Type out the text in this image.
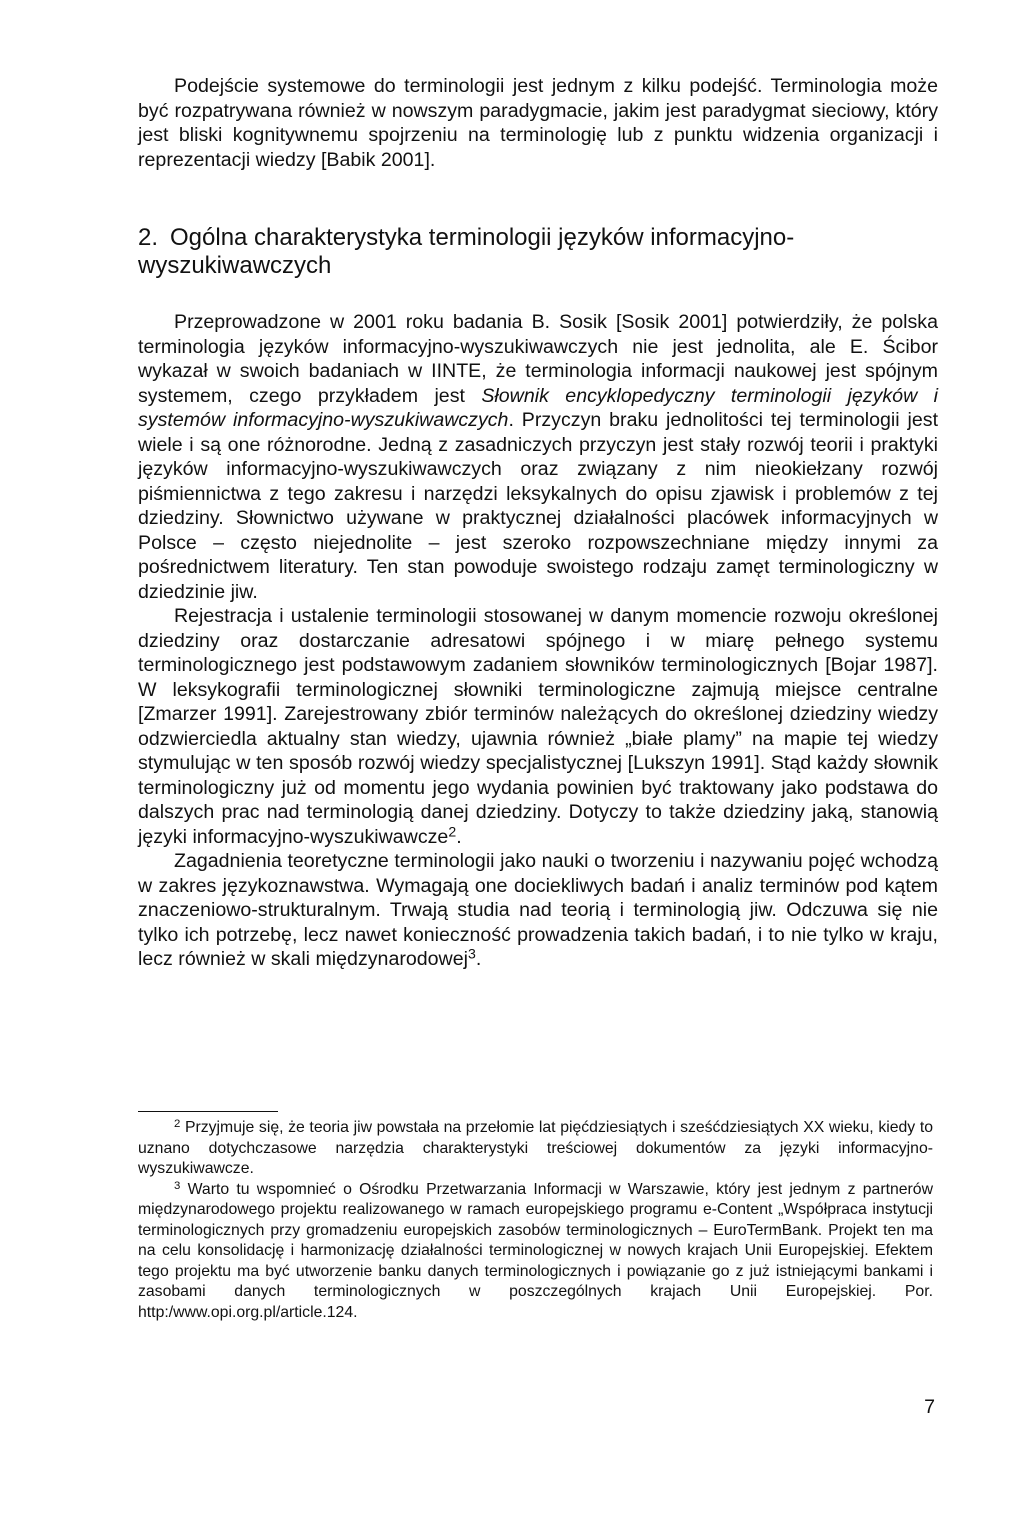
Podejście systemowe do terminologii jest jednym z kilku podejść. Terminologia może być rozpatrywana również w nowszym paradygmacie, jakim jest paradygmat sieciowy, który jest bliski kognitywnemu spojrzeniu na terminologię lub z punktu widzenia organizacji i reprezentacji wiedzy [Babik 2001].

2. Ogólna charakterystyka terminologii języków informacyjno-wyszukiwawczych

Przeprowadzone w 2001 roku badania B. Sosik [Sosik 2001] potwierdziły, że polska terminologia języków informacyjno-wyszukiwawczych nie jest jednolita, ale E. Ścibor wykazał w swoich badaniach w IINTE, że terminologia informacji naukowej jest spójnym systemem, czego przykładem jest Słownik encyklopedyczny terminologii języków i systemów informacyjno-wyszukiwawczych. Przyczyn braku jednolitości tej terminologii jest wiele i są one różnorodne. Jedną z zasadniczych przyczyn jest stały rozwój teorii i praktyki języków informacyjno-wyszukiwawczych oraz związany z nim nieokiełzany rozwój piśmiennictwa z tego zakresu i narzędzi leksykalnych do opisu zjawisk i problemów z tej dziedziny. Słownictwo używane w praktycznej działalności placówek informacyjnych w Polsce – często niejednolite – jest szeroko rozpowszechniane między innymi za pośrednictwem literatury. Ten stan powoduje swoistego rodzaju zamęt terminologiczny w dziedzinie jiw.

Rejestracja i ustalenie terminologii stosowanej w danym momencie rozwoju określonej dziedziny oraz dostarczanie adresatowi spójnego i w miarę pełnego systemu terminologicznego jest podstawowym zadaniem słowników terminologicznych [Bojar 1987]. W leksykografii terminologicznej słowniki terminologiczne zajmują miejsce centralne [Zmarzer 1991]. Zarejestrowany zbiór terminów należących do określonej dziedziny wiedzy odzwierciedla aktualny stan wiedzy, ujawnia również „białe plamy” na mapie tej wiedzy stymulując w ten sposób rozwój wiedzy specjalistycznej [Lukszyn 1991]. Stąd każdy słownik terminologiczny już od momentu jego wydania powinien być traktowany jako podstawa do dalszych prac nad terminologią danej dziedziny. Dotyczy to także dziedziny jaką, stanowią języki informacyjno-wyszukiwawcze$^2$.

Zagadnienia teoretyczne terminologii jako nauki o tworzeniu i nazywaniu pojęć wchodzą w zakres językoznawstwa. Wymagają one dociekliwych badań i analiz terminów pod kątem znaczeniowo-strukturalnym. Trwają studia nad teorią i terminologią jiw. Odczuwa się nie tylko ich potrzebę, lecz nawet konieczność prowadzenia takich badań, i to nie tylko w kraju, lecz również w skali międzynarodowej$^3$.

$^2$ Przyjmuje się, że teoria jiw powstała na przełomie lat pięćdziesiątych i sześćdziesiątych XX wieku, kiedy to uznano dotychczasowe narzędzia charakterystyki treściowej dokumentów za języki informacyjno-wyszukiwawcze.

$^3$ Warto tu wspomnieć o Ośrodku Przetwarzania Informacji w Warszawie, który jest jednym z partnerów międzynarodowego projektu realizowanego w ramach europejskiego programu e-Content „Współpraca instytucji terminologicznych przy gromadzeniu europejskich zasobów terminologicznych – EuroTermBank. Projekt ten ma na celu konsolidację i harmonizację działalności terminologicznej w nowych krajach Unii Europejskiej. Efektem tego projektu ma być utworzenie banku danych terminologicznych i powiązanie go z już istniejącymi bankami i zasobami danych terminologicznych w poszczególnych krajach Unii Europejskiej. Por. http:/www.opi.org.pl/article.124.

7
